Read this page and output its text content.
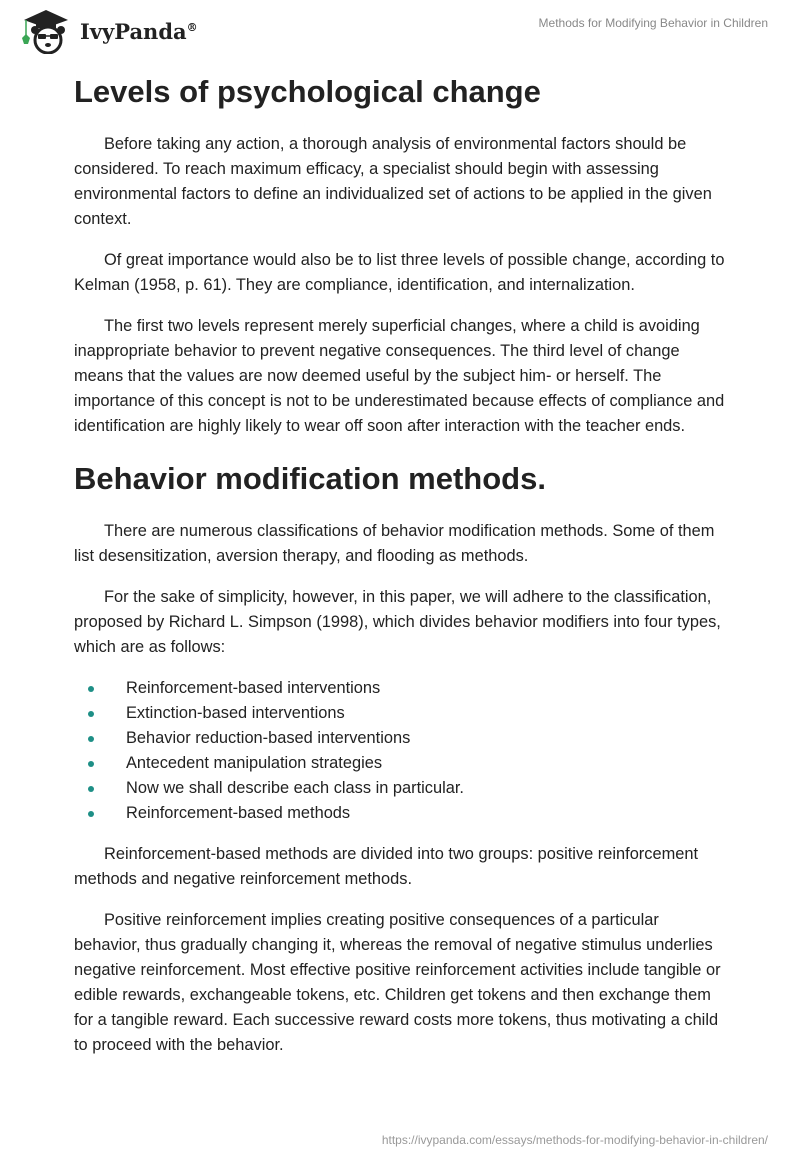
IvyPanda®	Methods for Modifying Behavior in Children
Levels of psychological change

Before taking any action, a thorough analysis of environmental factors should be considered. To reach maximum efficacy, a specialist should begin with assessing environmental factors to define an individualized set of actions to be applied in the given context.

Of great importance would also be to list three levels of possible change, according to Kelman (1958, p. 61). They are compliance, identification, and internalization.

The first two levels represent merely superficial changes, where a child is avoiding inappropriate behavior to prevent negative consequences. The third level of change means that the values are now deemed useful by the subject him- or herself. The importance of this concept is not to be underestimated because effects of compliance and identification are highly likely to wear off soon after interaction with the teacher ends.

Behavior modification methods.

There are numerous classifications of behavior modification methods. Some of them list desensitization, aversion therapy, and flooding as methods.

For the sake of simplicity, however, in this paper, we will adhere to the classification, proposed by Richard L. Simpson (1998), which divides behavior modifiers into four types, which are as follows:

Reinforcement-based interventions
Extinction-based interventions
Behavior reduction-based interventions
Antecedent manipulation strategies
Now we shall describe each class in particular.
Reinforcement-based methods

Reinforcement-based methods are divided into two groups: positive reinforcement methods and negative reinforcement methods.

Positive reinforcement implies creating positive consequences of a particular behavior, thus gradually changing it, whereas the removal of negative stimulus underlies negative reinforcement. Most effective positive reinforcement activities include tangible or edible rewards, exchangeable tokens, etc. Children get tokens and then exchange them for a tangible reward. Each successive reward costs more tokens, thus motivating a child to proceed with the behavior.

https://ivypanda.com/essays/methods-for-modifying-behavior-in-children/
